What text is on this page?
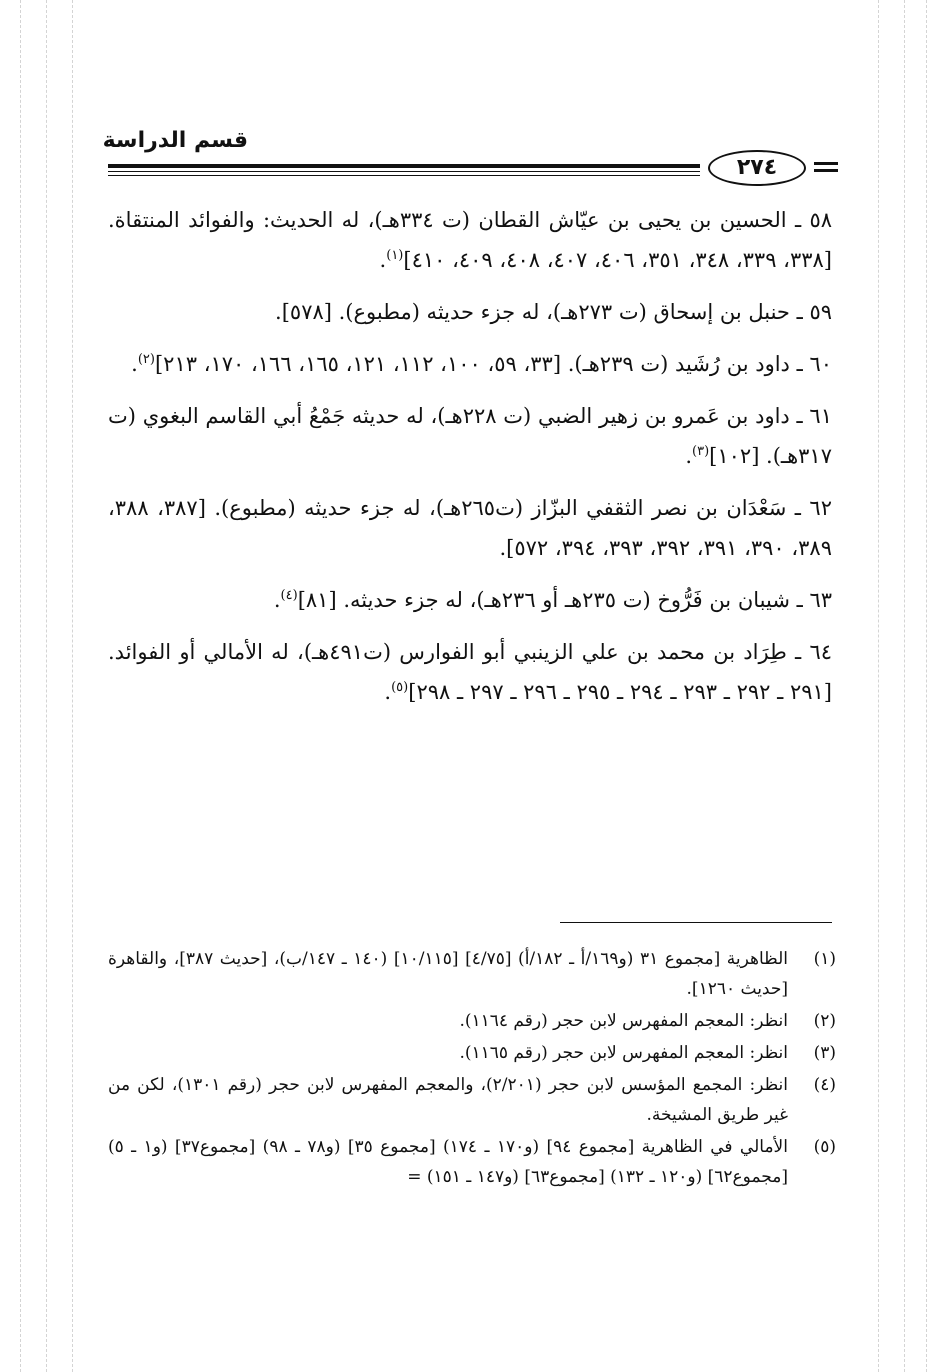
قسم الدراسة
٢٧٤

٥٨ ـ الحسين بن يحيى بن عيّاش القطان (ت ٣٣٤هـ)، له الحديث: والفوائد المنتقاة. [٣٣٨، ٣٣٩، ٣٤٨، ٣٥١، ٤٠٦، ٤٠٧، ٤٠٨، ٤٠٩، ٤١٠]$^{(١)}$.

٥٩ ـ حنبل بن إسحاق (ت ٢٧٣هـ)، له جزء حديثه (مطبوع). [٥٧٨].

٦٠ ـ داود بن رُشَيد (ت ٢٣٩هـ). [٣٣، ٥٩، ١٠٠، ١١٢، ١٢١، ١٦٥، ١٦٦، ١٧٠، ٢١٣]$^{(٢)}$.

٦١ ـ داود بن عَمرو بن زهير الضبي (ت ٢٢٨هـ)، له حديثه جَمْعُ أبي القاسم البغوي (ت ٣١٧هـ). [١٠٢]$^{(٣)}$.

٦٢ ـ سَعْدَان بن نصر الثقفي البزّاز (ت٢٦٥هـ)، له جزء حديثه (مطبوع). [٣٨٧، ٣٨٨، ٣٨٩، ٣٩٠، ٣٩١، ٣٩٢، ٣٩٣، ٣٩٤، ٥٧٢].

٦٣ ـ شيبان بن فَرُّوخ (ت ٢٣٥هـ أو ٢٣٦هـ)، له جزء حديثه. [٨١]$^{(٤)}$.

٦٤ ـ طِرَاد بن محمد بن علي الزينبي أبو الفوارس (ت٤٩١هـ)، له الأمالي أو الفوائد. [٢٩١ ـ ٢٩٢ ـ ٢٩٣ ـ ٢٩٤ ـ ٢٩٥ ـ ٢٩٦ ـ ٢٩٧ ـ ٢٩٨]$^{(٥)}$.

(١)
الظاهرية [مجموع ٣١ (و١٦٩/أ ـ ١٨٢/أ) [٤/٧٥] [١٠/١١٥] (١٤٠ ـ ١٤٧/ب)، [حديث ٣٨٧]، والقاهرة [حديث ١٢٦٠].
(٢)
انظر: المعجم المفهرس لابن حجر (رقم ١١٦٤).
(٣)
انظر: المعجم المفهرس لابن حجر (رقم ١١٦٥).
(٤)
انظر: المجمع المؤسس لابن حجر (٢/٢٠١)، والمعجم المفهرس لابن حجر (رقم ١٣٠١)، لكن من غير طريق المشيخة.
(٥)
الأمالي في الظاهرية [مجموع ٩٤] (و١٧٠ ـ ١٧٤) [مجموع ٣٥] (و٧٨ ـ ٩٨) [مجموع٣٧] (و١ ـ ٥) [مجموع٦٢] (و١٢٠ ـ ١٣٢) [مجموع٦٣] (و١٤٧ ـ ١٥١) =
